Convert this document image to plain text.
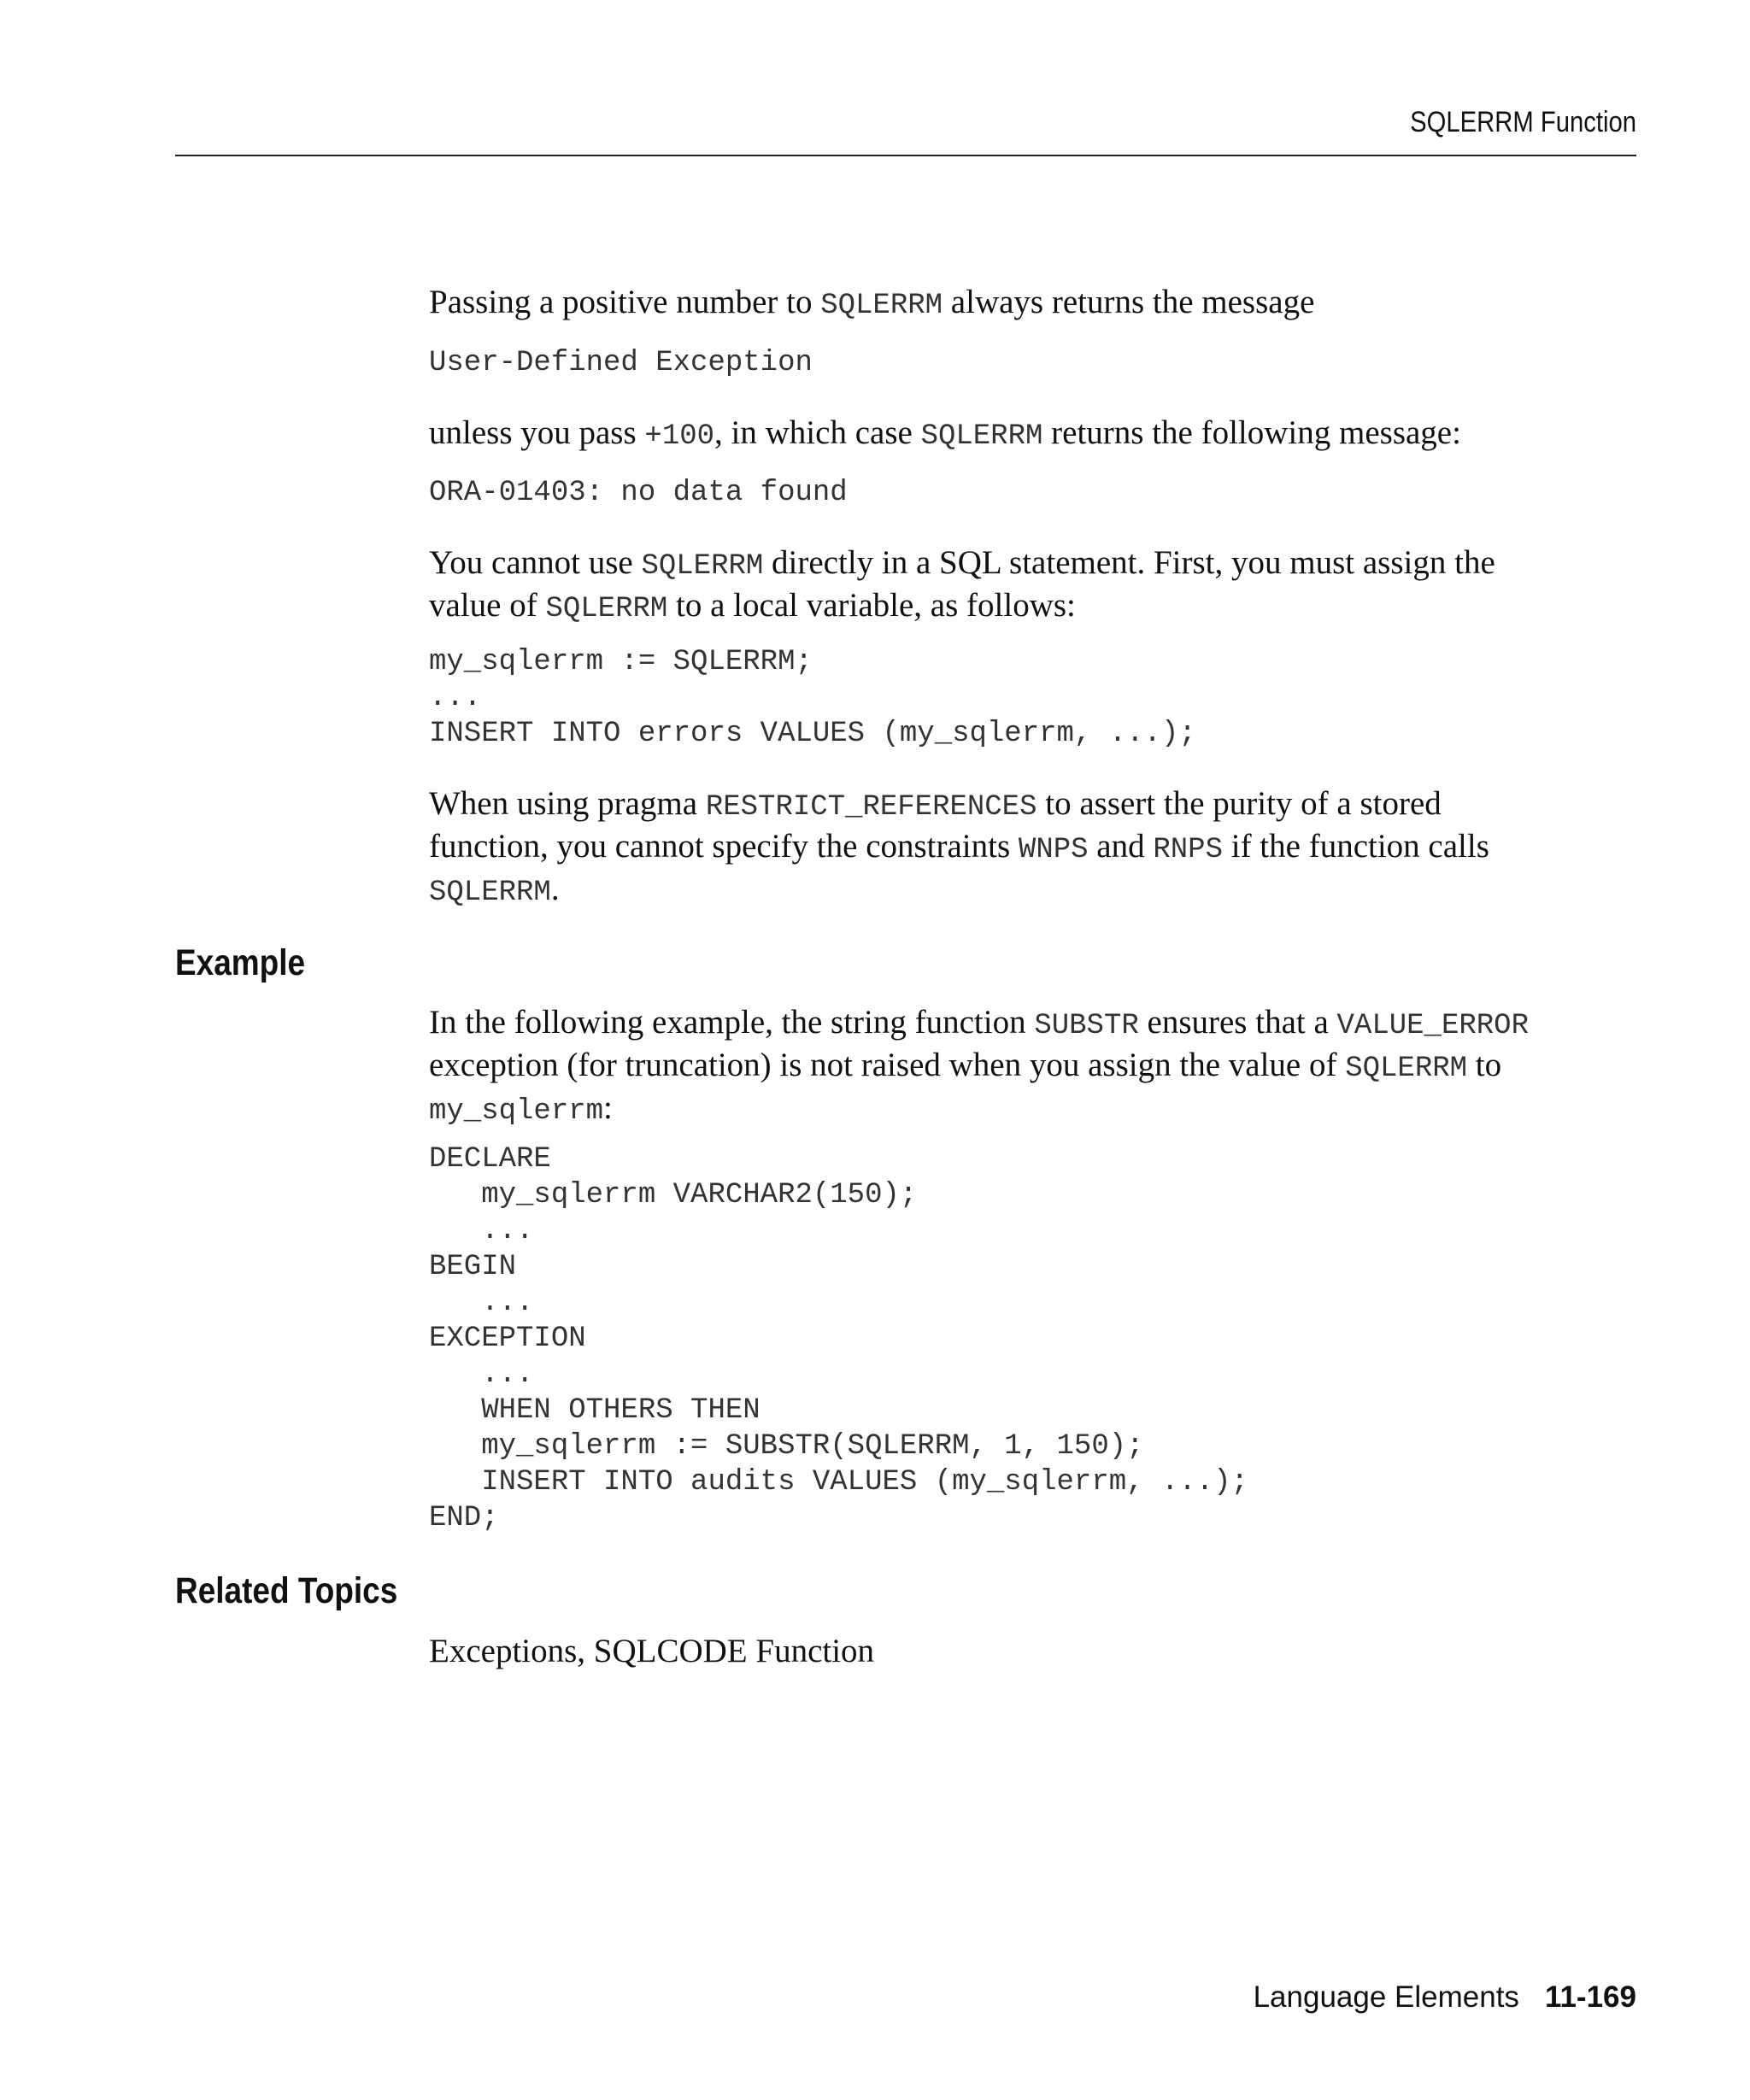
SQLERRM Function

Passing a positive number to SQLERRM always returns the message

User-Defined Exception

unless you pass +100, in which case SQLERRM returns the following message:

ORA-01403: no data found

You cannot use SQLERRM directly in a SQL statement. First, you must assign the
value of SQLERRM to a local variable, as follows:

my_sqlerrm := SQLERRM;
...
INSERT INTO errors VALUES (my_sqlerrm, ...);

When using pragma RESTRICT_REFERENCES to assert the purity of a stored
function, you cannot specify the constraints WNPS and RNPS if the function calls
SQLERRM.

Example

In the following example, the string function SUBSTR ensures that a VALUE_ERROR
exception (for truncation) is not raised when you assign the value of SQLERRM to
my_sqlerrm:

DECLARE
my_sqlerrm VARCHAR2(150);
...
BEGIN
...
EXCEPTION
...
WHEN OTHERS THEN
my_sqlerrm := SUBSTR(SQLERRM, 1, 150);
INSERT INTO audits VALUES (my_sqlerrm, ...);
END;
Related Topics

Exceptions, SQLCODE Function

Language Elements 11-169
